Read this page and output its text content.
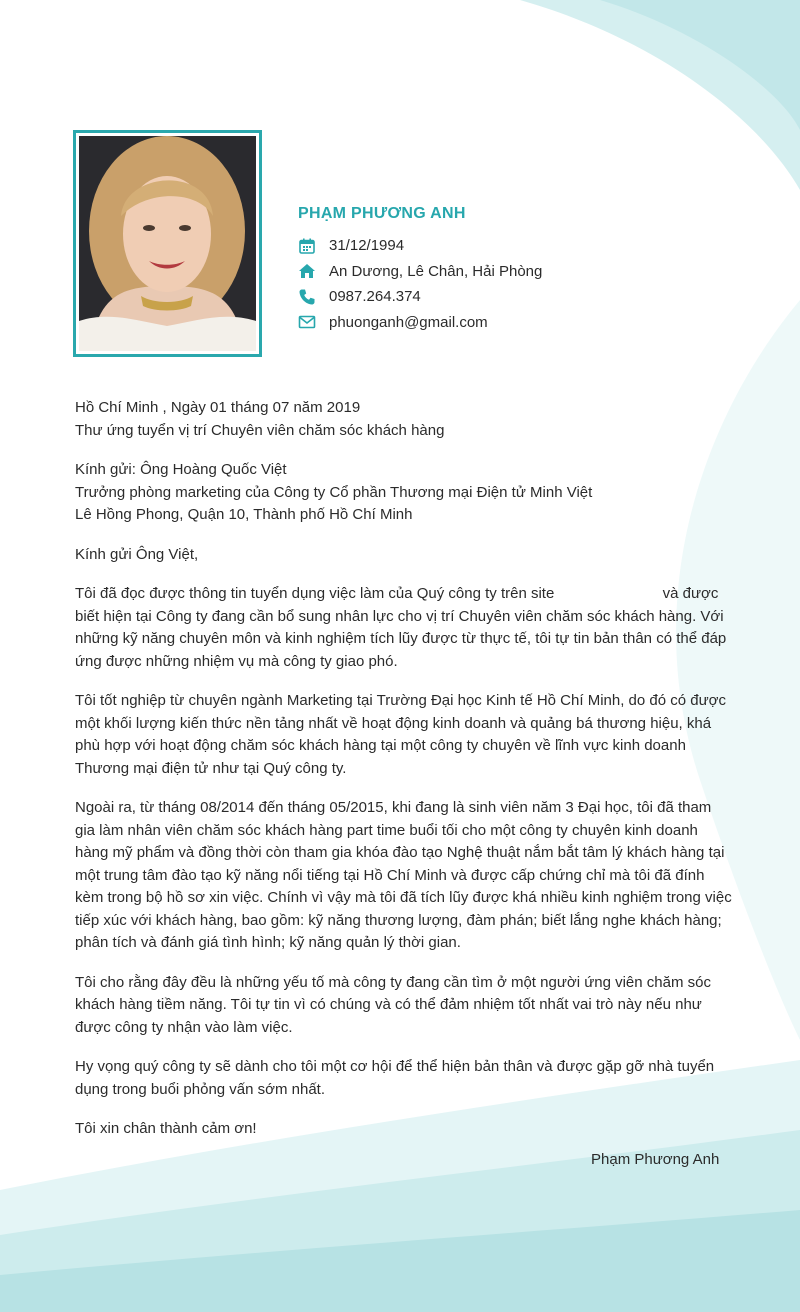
PHẠM PHƯƠNG ANH
31/12/1994
An Dương, Lê Chân, Hải Phòng
0987.264.374
phuonganh@gmail.com

Hồ Chí Minh , Ngày 01 tháng 07 năm 2019

Thư ứng tuyển vị trí Chuyên viên chăm sóc khách hàng

Kính gửi: Ông Hoàng Quốc Việt

Trưởng phòng marketing của Công ty Cổ phần Thương mại Điện tử Minh Việt

Lê Hồng Phong, Quận 10, Thành phố Hồ Chí Minh

Kính gửi Ông Việt,

Tôi đã đọc được thông tin tuyển dụng việc làm của Quý công ty trên site                          và được biết hiện tại Công ty đang cần bổ sung nhân lực cho vị trí Chuyên viên chăm sóc khách hàng. Với những kỹ năng chuyên môn và kinh nghiệm tích lũy được từ thực tế, tôi tự tin bản thân có thể đáp ứng được những nhiệm vụ mà công ty giao phó.

Tôi tốt nghiệp từ chuyên ngành Marketing tại Trường Đại học Kinh tế Hồ Chí Minh, do đó có được một khối lượng kiến thức nền tảng nhất về hoạt động kinh doanh và quảng bá thương hiệu, khá phù hợp với hoạt động chăm sóc khách hàng tại một công ty chuyên về lĩnh vực kinh doanh Thương mại điện tử như tại Quý công ty.

Ngoài ra, từ tháng 08/2014 đến tháng 05/2015, khi đang là sinh viên năm 3 Đại học, tôi đã tham gia làm nhân viên chăm sóc khách hàng part time buổi tối cho một công ty chuyên kinh doanh hàng mỹ phẩm và đồng thời còn tham gia khóa đào tạo Nghệ thuật nắm bắt tâm lý khách hàng tại một trung tâm đào tạo kỹ năng nổi tiếng tại Hồ Chí Minh và được cấp chứng chỉ mà tôi đã đính kèm trong bộ hồ sơ xin việc. Chính vì vậy mà tôi đã tích lũy được khá nhiều kinh nghiệm trong việc tiếp xúc với khách hàng, bao gồm: kỹ năng thương lượng, đàm phán; biết lắng nghe khách hàng; phân tích và đánh giá tình hình; kỹ năng quản lý thời gian.

Tôi cho rằng đây đều là những yếu tố mà công ty đang cần tìm ở một người ứng viên chăm sóc khách hàng tiềm năng. Tôi tự tin vì có chúng và có thể đảm nhiệm tốt nhất vai trò này nếu như được công ty nhận vào làm việc.

Hy vọng quý công ty sẽ dành cho tôi một cơ hội để thể hiện bản thân và được gặp gỡ nhà tuyển dụng trong buổi phỏng vấn sớm nhất.

Tôi xin chân thành cảm ơn!

Phạm Phương Anh
